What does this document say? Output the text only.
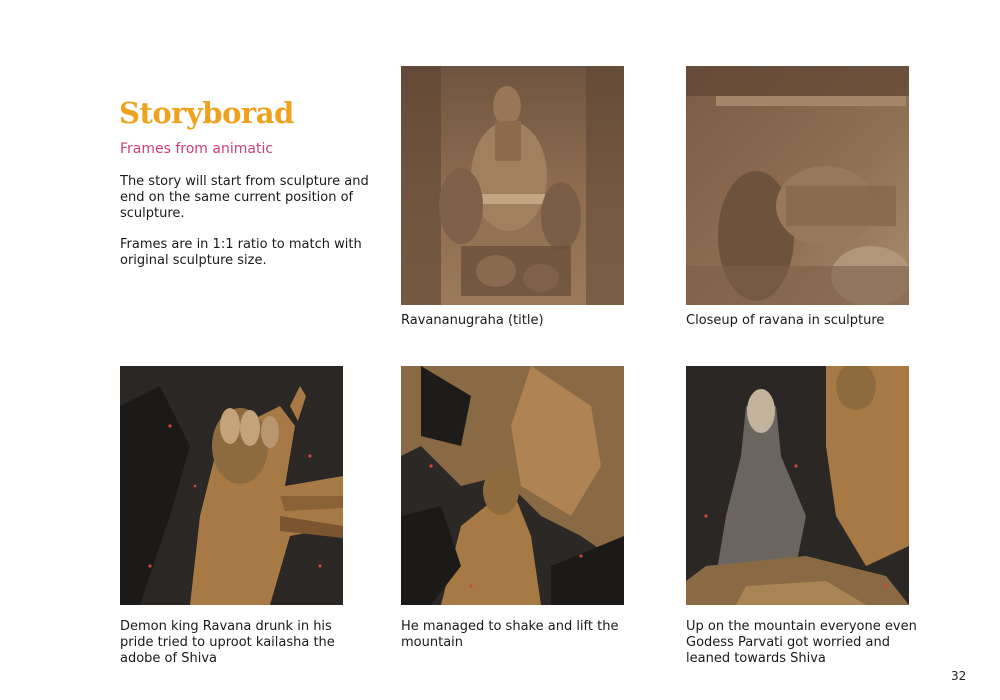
Storyborad
Frames from animatic

The story will start from sculpture and end on the same current position of sculpture.

Frames are in 1:1 ratio to match with original sculpture size.

Ravananugraha (title)	Closeup of ravana in sculpture
Demon king Ravana drunk in his pride tried to uproot kailasha the adobe of Shiva
He managed to shake and lift the mountain
Up on the mountain everyone even Godess Parvati got worried and leaned towards Shiva
32
